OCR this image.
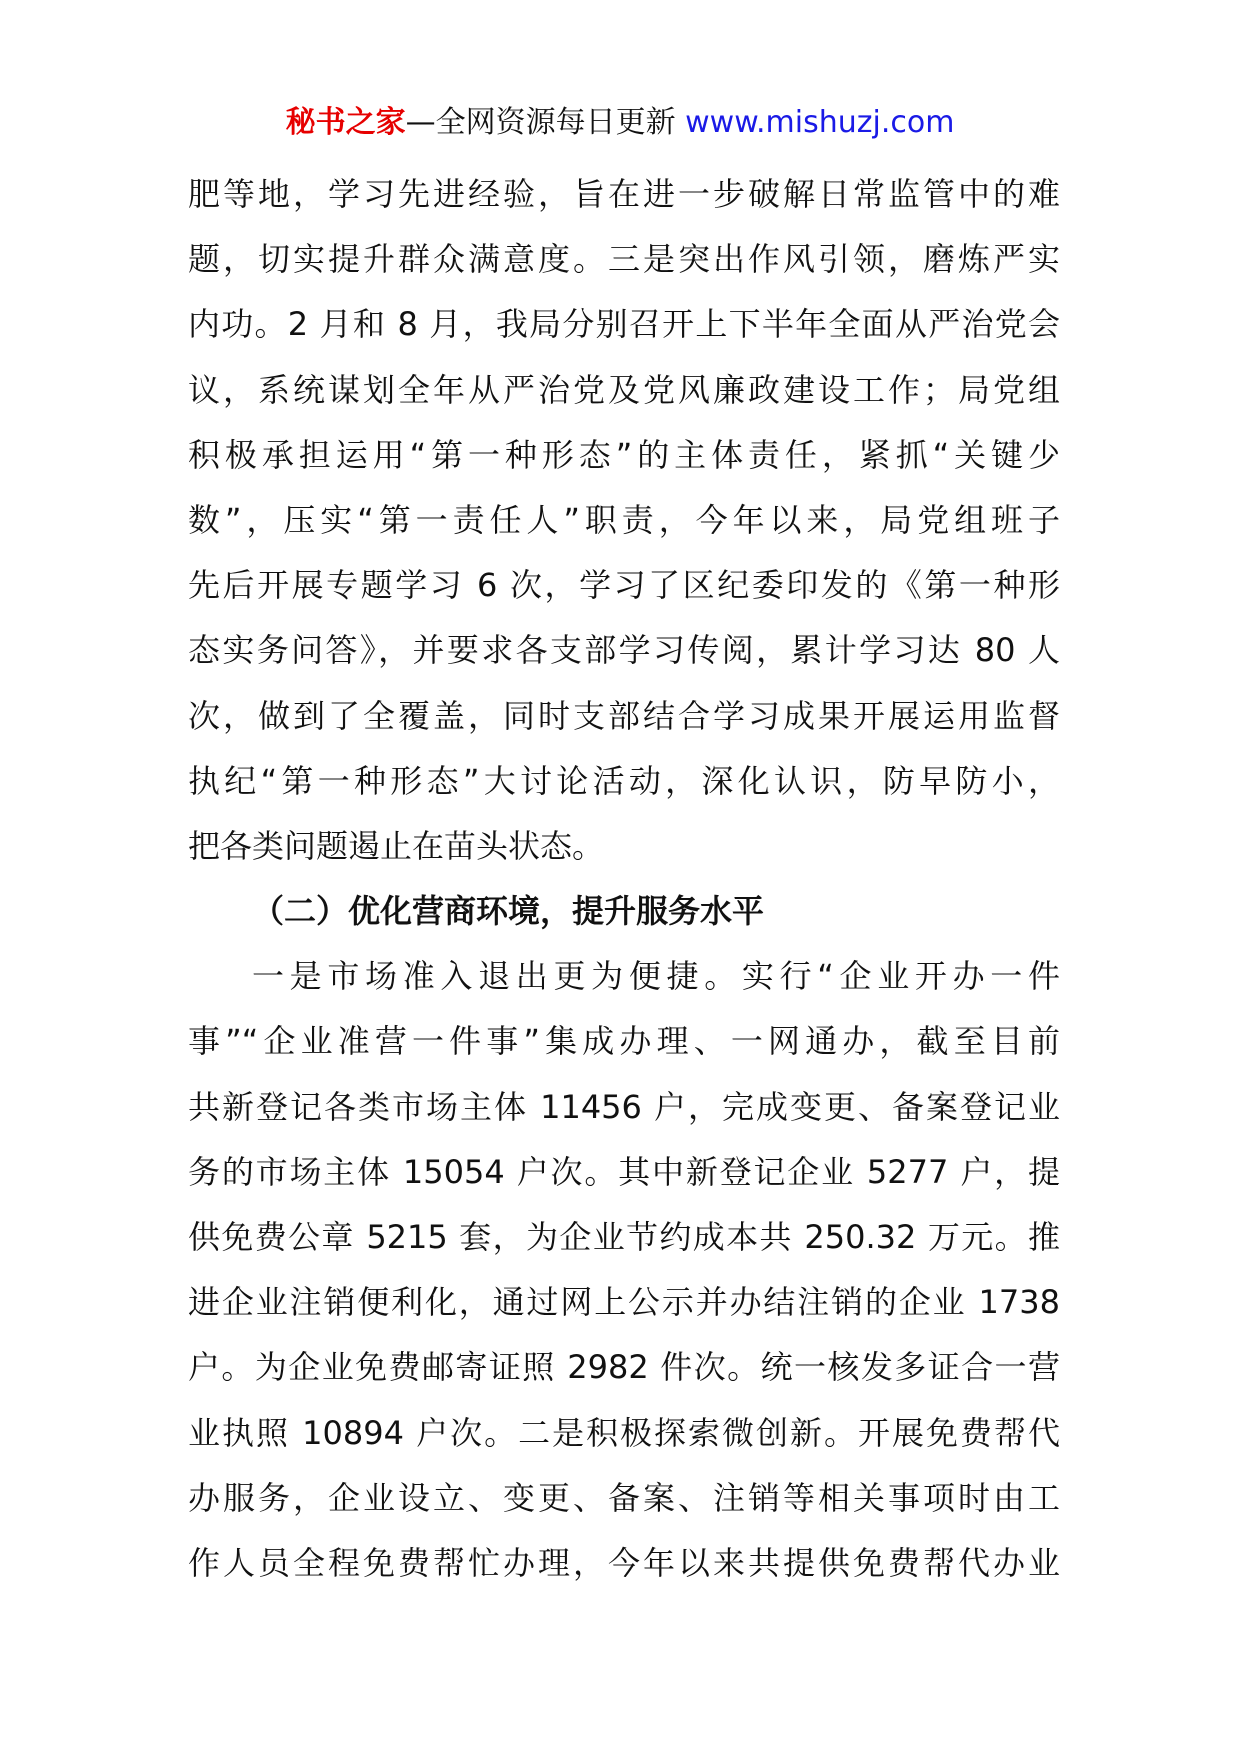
秘书之家—全网资源每日更新 www.mishuzj.com
肥等地，学习先进经验，旨在进一步破解日常监管中的难
题，切实提升群众满意度。三是突出作风引领，磨炼严实
内功。2 月和 8 月，我局分别召开上下半年全面从严治党会
议，系统谋划全年从严治党及党风廉政建设工作；局党组
积极承担运用“第一种形态”的主体责任，紧抓“关键少
数”，压实“第一责任人”职责，今年以来，局党组班子
先后开展专题学习 6 次，学习了区纪委印发的《第一种形
态实务问答》，并要求各支部学习传阅，累计学习达 80 人
次，做到了全覆盖，同时支部结合学习成果开展运用监督
执纪“第一种形态”大讨论活动，深化认识，防早防小，
把各类问题遏止在苗头状态。
（二）优化营商环境，提升服务水平
一是市场准入退出更为便捷。实行“企业开办一件
事”“企业准营一件事”集成办理、一网通办，截至目前
共新登记各类市场主体 11456 户，完成变更、备案登记业
务的市场主体 15054 户次。其中新登记企业 5277 户，提
供免费公章 5215 套，为企业节约成本共 250.32 万元。推
进企业注销便利化，通过网上公示并办结注销的企业 1738
户。为企业免费邮寄证照 2982 件次。统一核发多证合一营
业执照 10894 户次。二是积极探索微创新。开展免费帮代
办服务，企业设立、变更、备案、注销等相关事项时由工
作人员全程免费帮忙办理，今年以来共提供免费帮代办业
